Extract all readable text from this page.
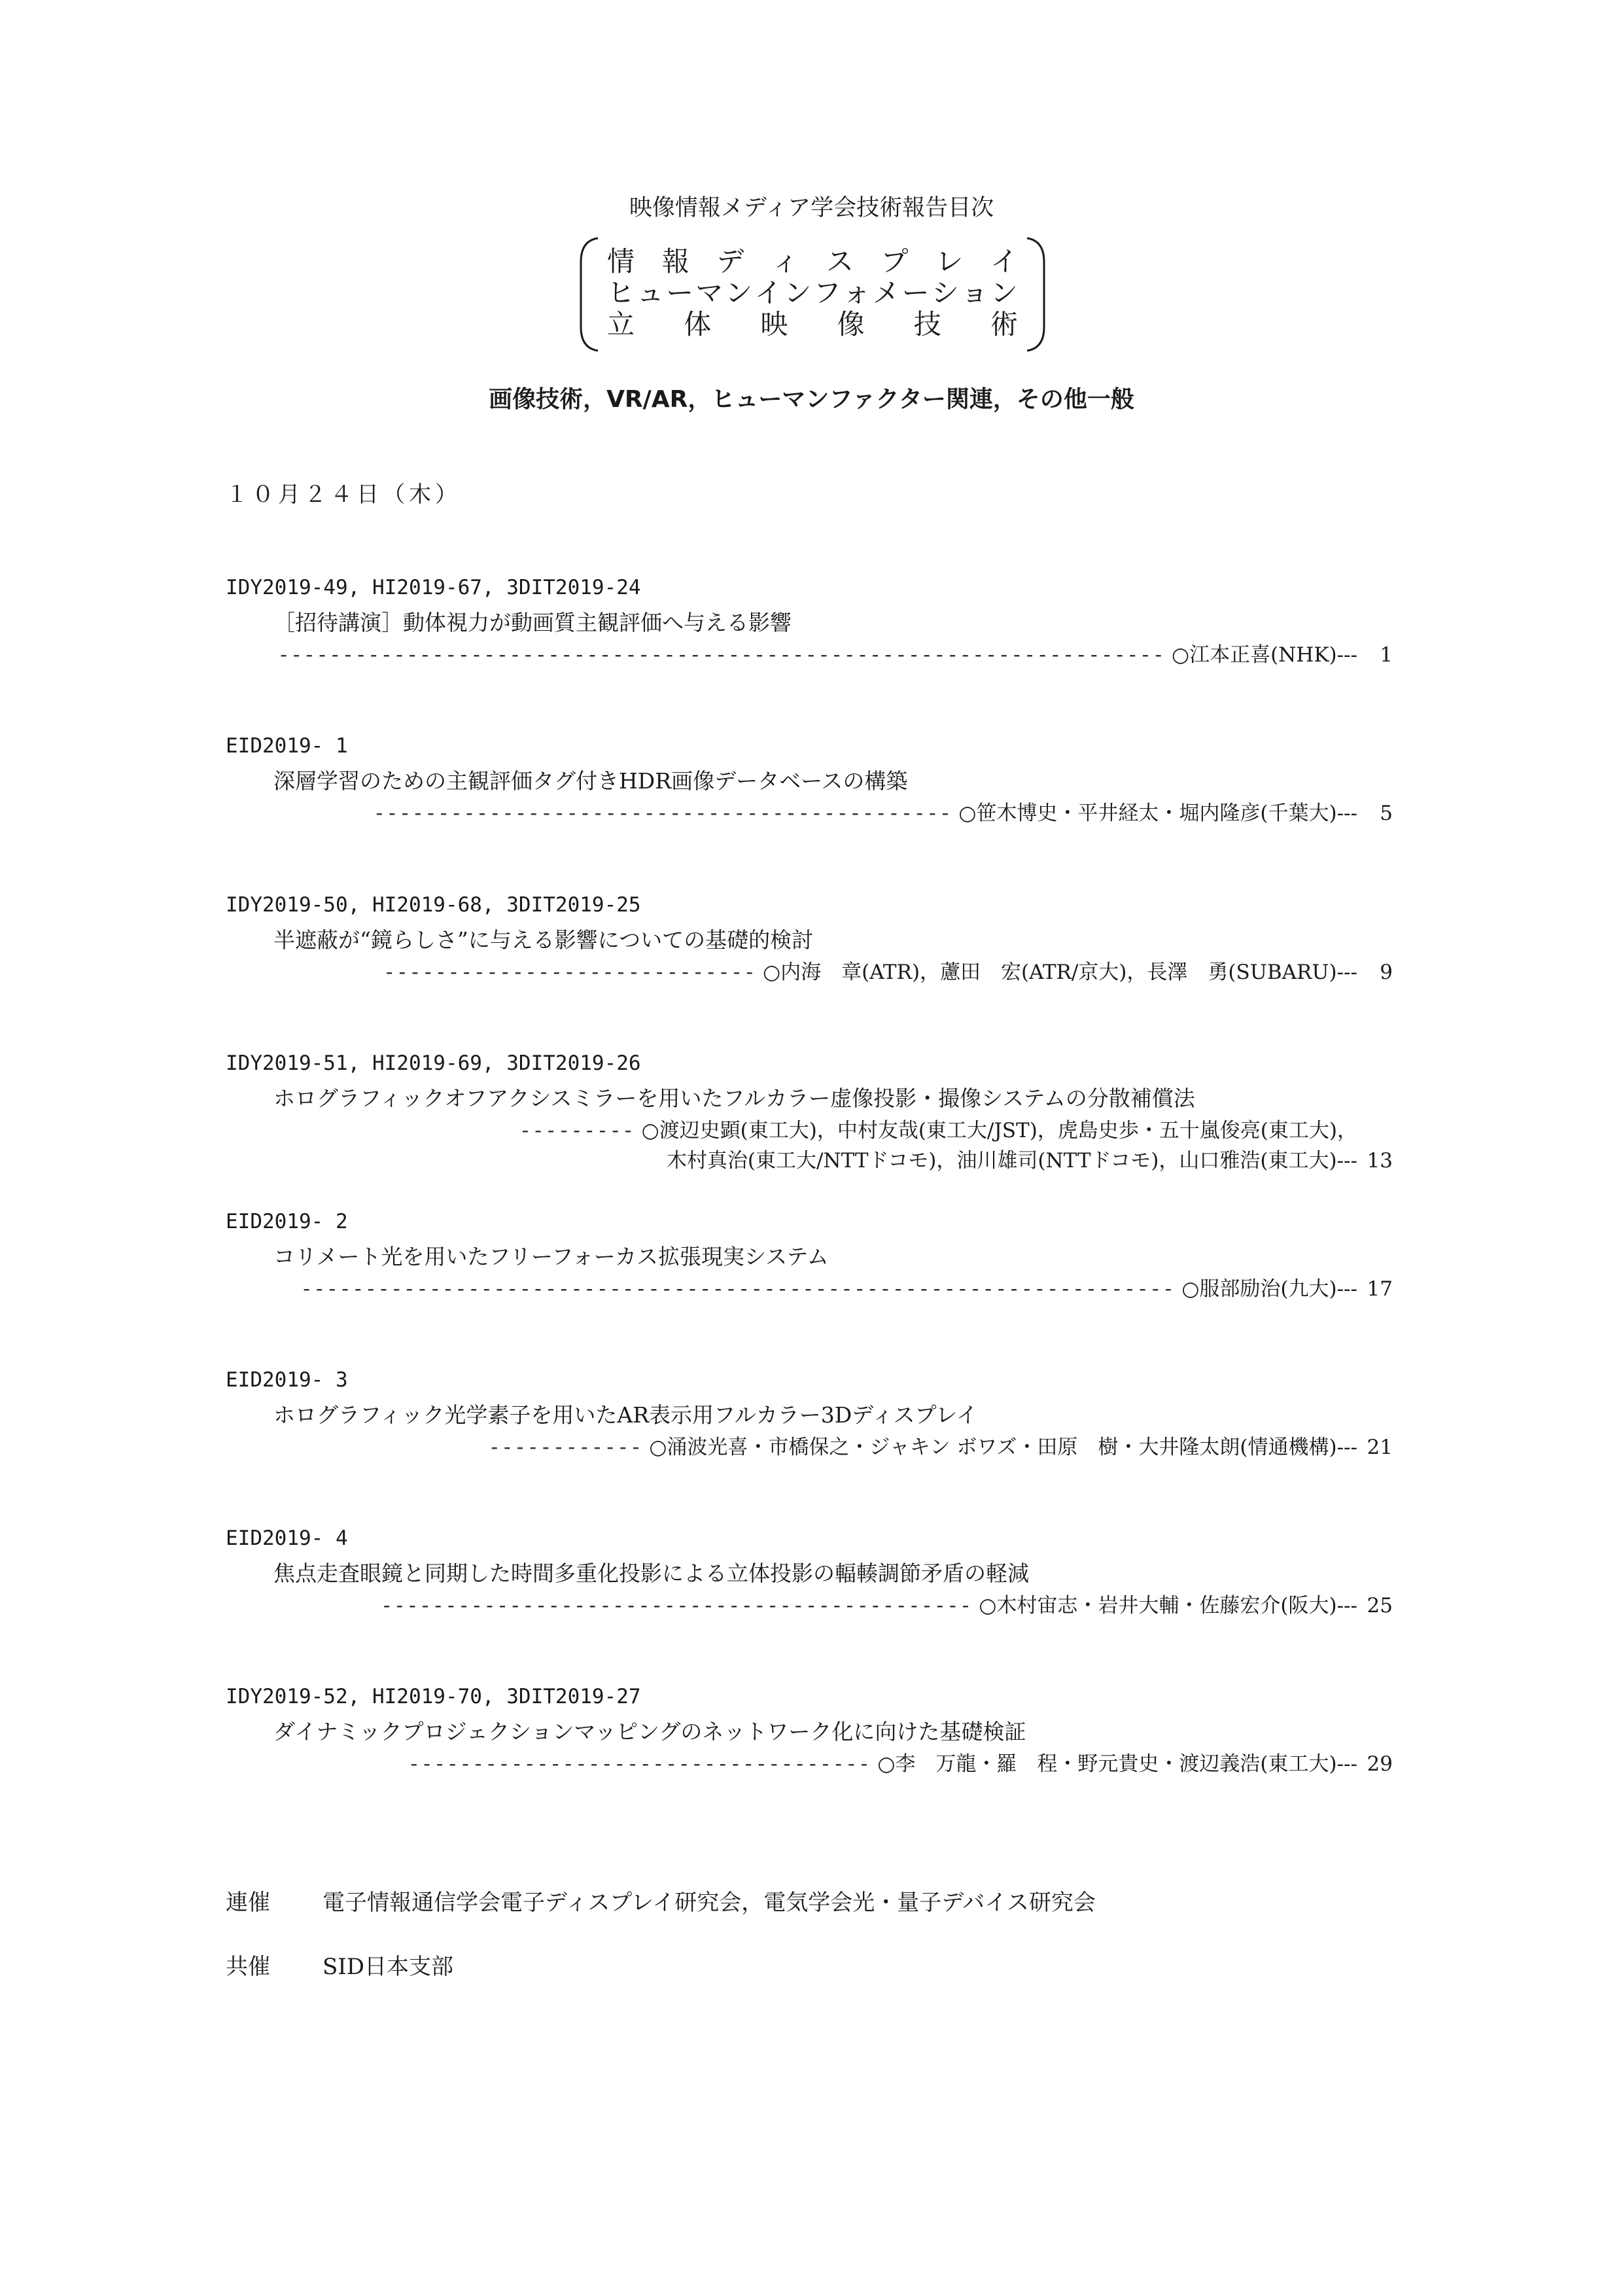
映像情報メディア学会技術報告目次
情 報 デ ィ ス プ レ イ
ヒ ュ ー マ ン イ ン フ ォ メ ー シ ョ ン
立 体 映 像 技 術
画像技術，VR/AR，ヒューマンファクター関連，その他一般
１０月２４日（木）
IDY2019-49, HI2019-67, 3DIT2019-24
［招待講演］動体視力が動画質主観評価へ与える影響
--------------------------------------------------------------------- ○江本正喜(NHK)---	1
EID2019- 1
深層学習のための主観評価タグ付きHDR画像データベースの構築
--------------------------------------------- ○笹木博史・平井経太・堀内隆彦(千葉大)---	5
IDY2019-50, HI2019-68, 3DIT2019-25
半遮蔽が“鏡らしさ”に与える影響についての基礎的検討
----------------------------- ○内海　章(ATR)，藘田　宏(ATR/京大)，長澤　勇(SUBARU)---	9
IDY2019-51, HI2019-69, 3DIT2019-26
ホログラフィックオフアクシスミラーを用いたフルカラー虚像投影・撮像システムの分散補償法
--------- ○渡辺史顕(東工大)，中村友哉(東工大/JST)，虎島史歩・五十嵐俊亮(東工大)，
木村真治(東工大/NTTドコモ)，油川雄司(NTTドコモ)，山口雅浩(東工大)--- 13
EID2019- 2
コリメート光を用いたフリーフォーカス拡張現実システム
-------------------------------------------------------------------- ○服部励治(九大)--- 17
EID2019- 3
ホログラフィック光学素子を用いたAR表示用フルカラー3Dディスプレイ
------------ ○涌波光喜・市橋保之・ジャキン ボワズ・田原　樹・大井隆太朗(情通機構)--- 21
EID2019- 4
焦点走査眼鏡と同期した時間多重化投影による立体投影の輻輳調節矛盾の軽減
---------------------------------------------- ○木村宙志・岩井大輔・佐藤宏介(阪大)--- 25
IDY2019-52, HI2019-70, 3DIT2019-27
ダイナミックプロジェクションマッピングのネットワーク化に向けた基礎検証
------------------------------------ ○李　万龍・羅　程・野元貴史・渡辺義浩(東工大)--- 29
連催 電子情報通信学会電子ディスプレイ研究会，電気学会光・量子デバイス研究会
共催 SID日本支部
